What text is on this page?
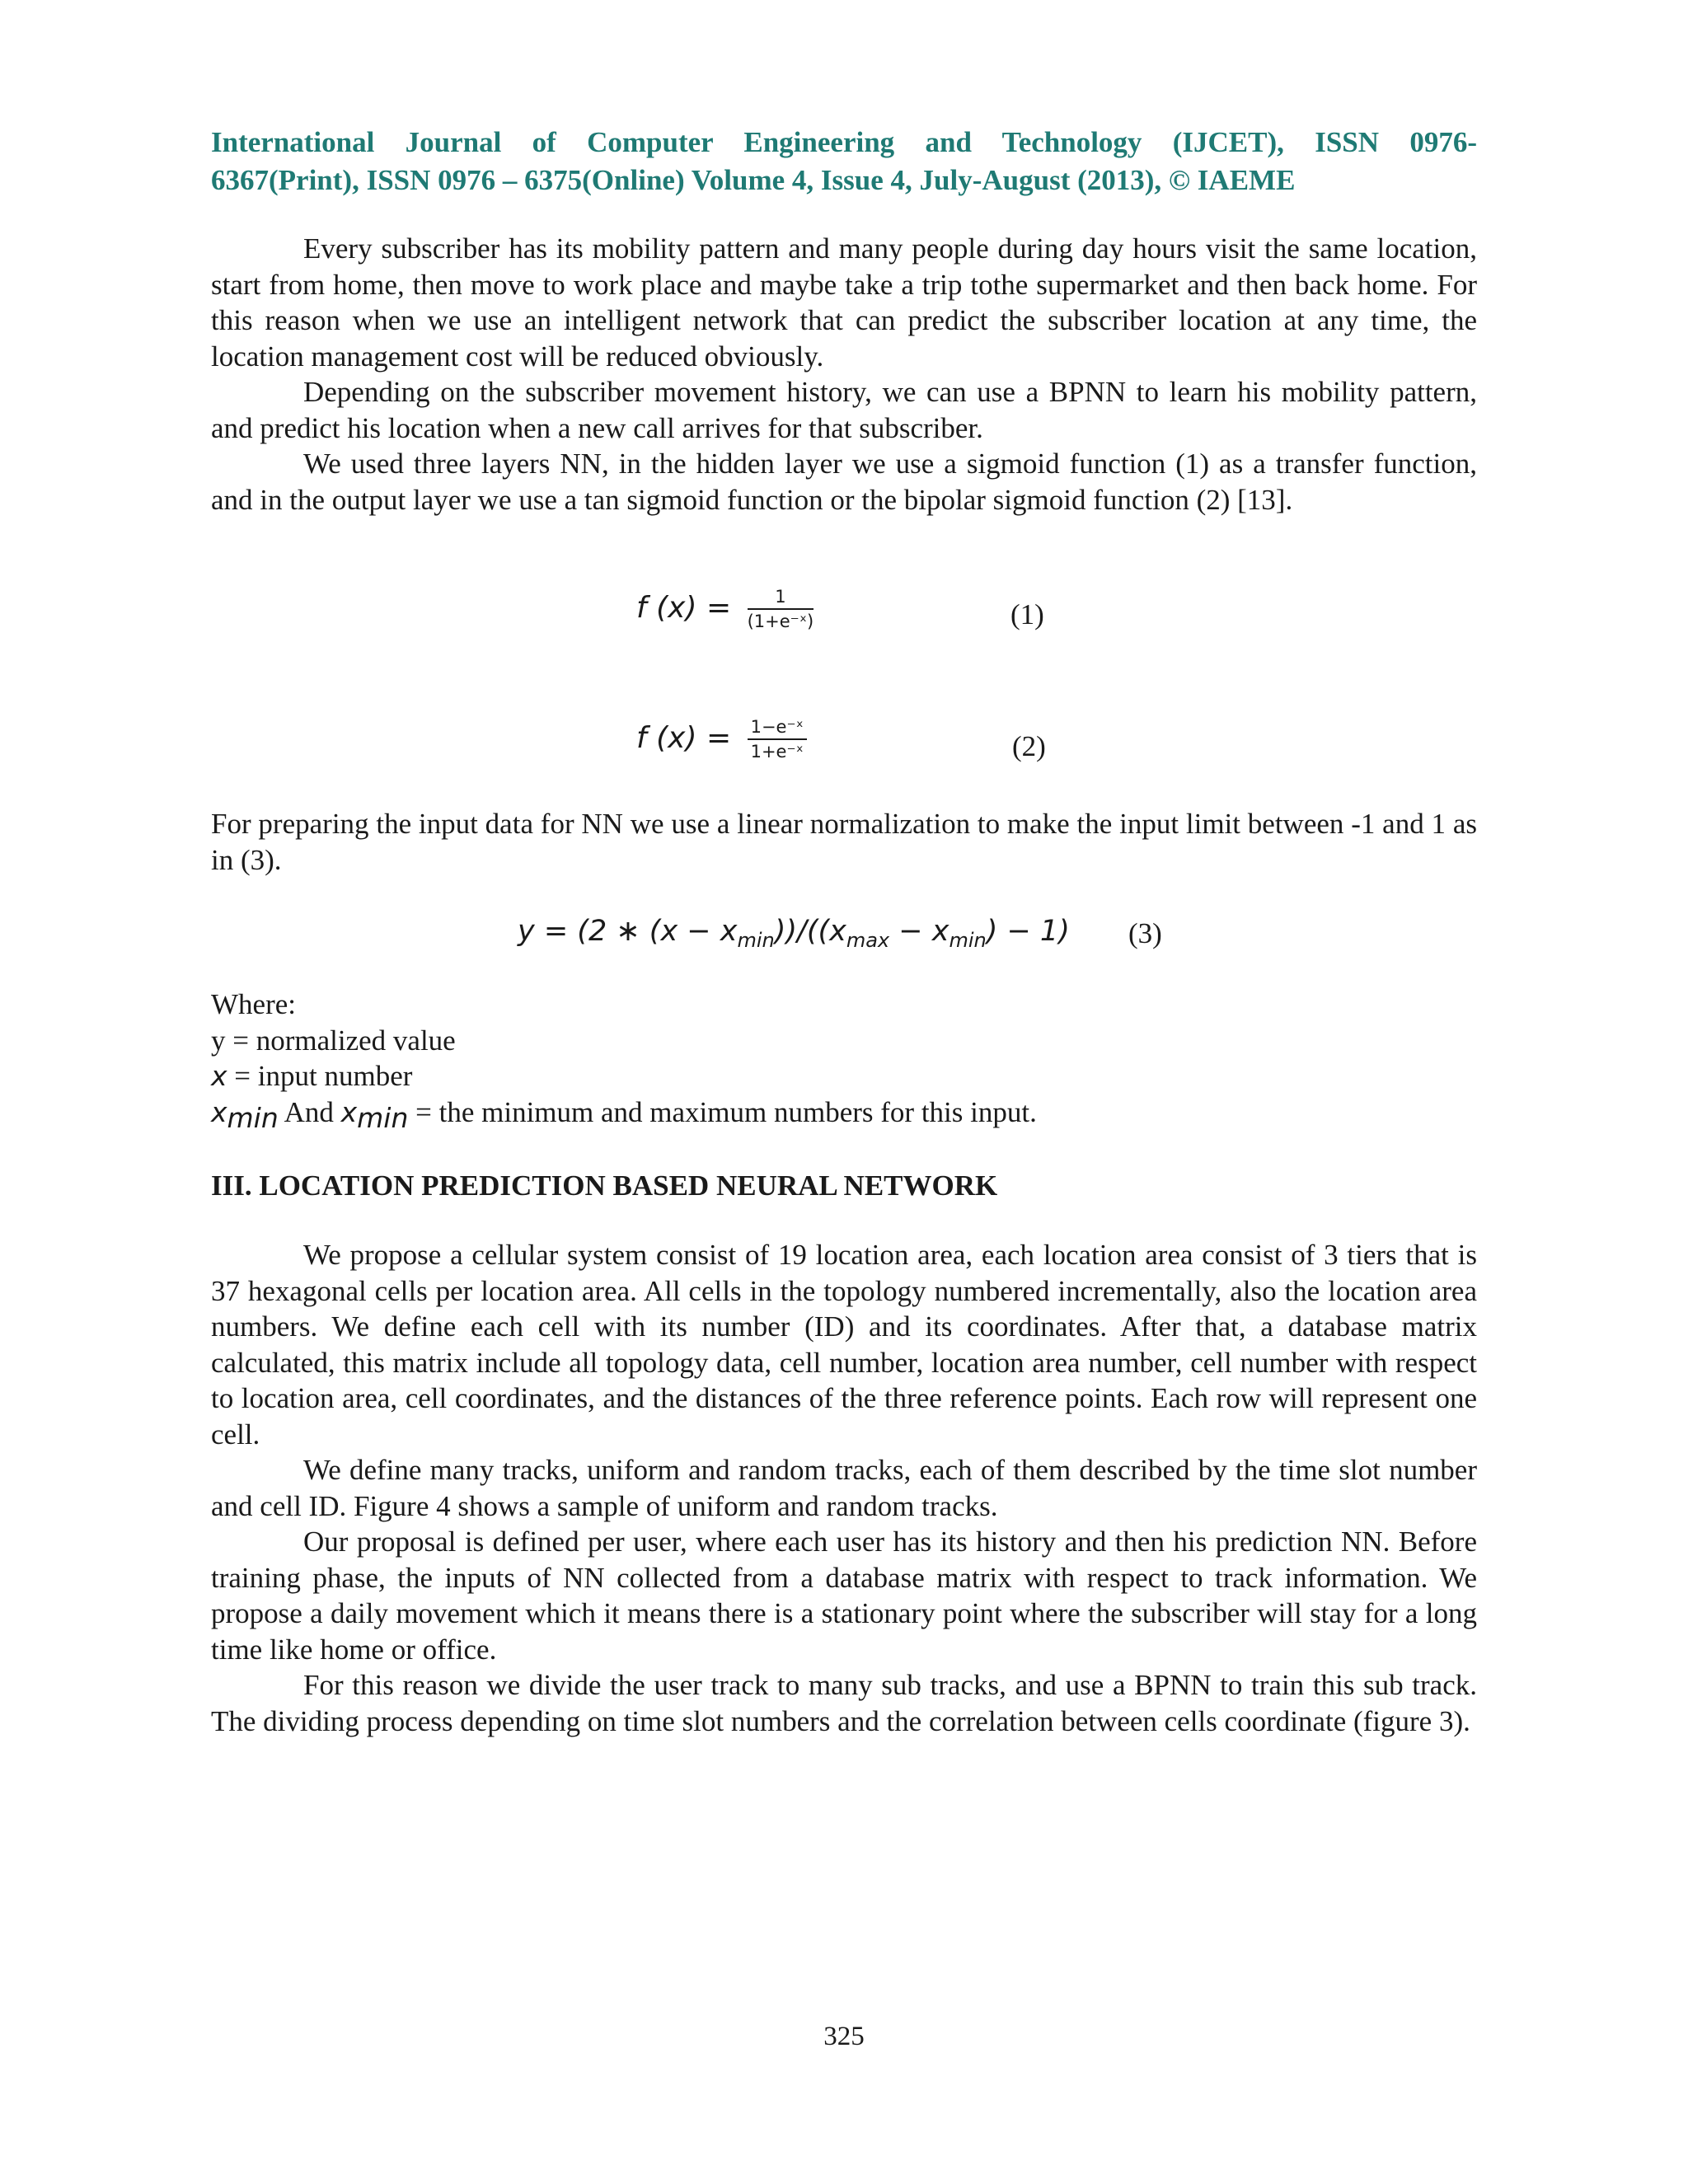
International Journal of Computer Engineering and Technology (IJCET), ISSN 0976-
6367(Print), ISSN 0976 – 6375(Online) Volume 4, Issue 4, July-August (2013), © IAEME

Every subscriber has its mobility pattern and many people during day hours visit the same location, start from home, then move to work place and maybe take a trip tothe supermarket and then back home. For this reason when we use an intelligent network that can predict the subscriber location at any time, the location management cost will be reduced obviously.

Depending on the subscriber movement history, we can use a BPNN to learn his mobility pattern, and predict his location when a new call arrives for that subscriber.

We used three layers NN, in the hidden layer we use a sigmoid function (1) as a transfer function, and in the output layer we use a tan sigmoid function or the bipolar sigmoid function (2) [13].

f $(x) = \frac{1}{\text{(1+e⁻ˣ)}}$	(1)
f $(x) = \frac{\text{1−e⁻ˣ}}{\text{1+e⁻ˣ}}$	(2)

For preparing the input data for NN we use a linear normalization to make the input limit between -1 and 1 as in (3).

y = (2 ∗ $(x - x_{min}))/((x_{max} - x_{min}) - 1)$ (3)
Where:
y = normalized value
x = input number
$x_{min}$ And $x_{min}$ = the minimum and maximum numbers for this input.
III. LOCATION PREDICTION BASED NEURAL NETWORK

We propose a cellular system consist of 19 location area, each location area consist of 3 tiers that is 37 hexagonal cells per location area. All cells in the topology numbered incrementally, also the location area numbers. We define each cell with its number (ID) and its coordinates. After that, a database matrix calculated, this matrix include all topology data, cell number, location area number, cell number with respect to location area, cell coordinates, and the distances of the three reference points. Each row will represent one cell.

We define many tracks, uniform and random tracks, each of them described by the time slot number and cell ID. Figure 4 shows a sample of uniform and random tracks.

Our proposal is defined per user, where each user has its history and then his prediction NN. Before training phase, the inputs of NN collected from a database matrix with respect to track information. We propose a daily movement which it means there is a stationary point where the subscriber will stay for a long time like home or office.

For this reason we divide the user track to many sub tracks, and use a BPNN to train this sub track. The dividing process depending on time slot numbers and the correlation between cells coordinate (figure 3).

325
